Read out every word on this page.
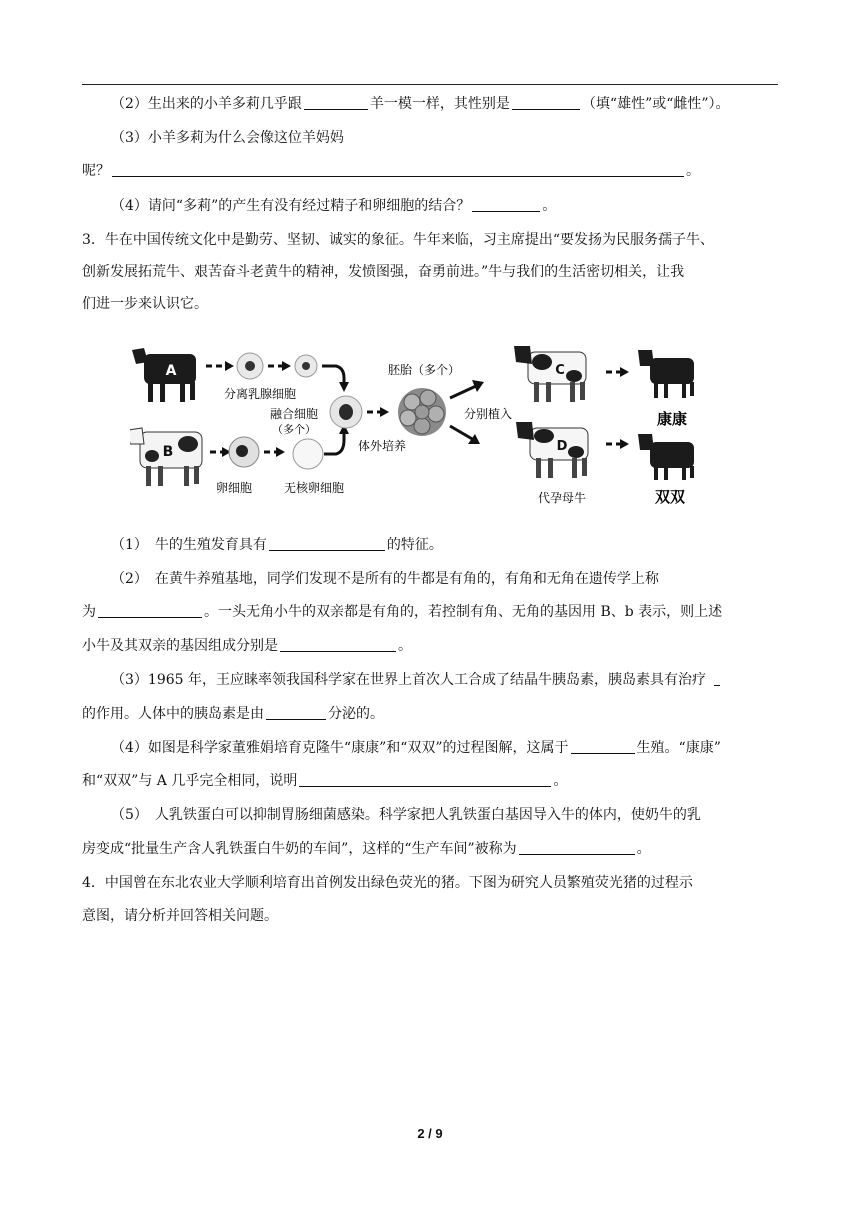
（2）生出来的小羊多莉几乎跟	羊一模一样，其性别是	（填“雄性”或“雌性”）。
（3）小羊多莉为什么会像这位羊妈妈
呢？	。
（4）请问“多莉”的产生有没有经过精子和卵细胞的结合？	。
3．牛在中国传统文化中是勤劳、坚韧、诚实的象征。牛年来临，习主席提出“要发扬为民服务孺子牛、
创新发展拓荒牛、艰苦奋斗老黄牛的精神，发愤图强，奋勇前进。”牛与我们的生活密切相关，让我
们进一步来认识它。
A
B
分离乳腺细胞
卵细胞	无核卵细胞
融合细胞
（多个）
体外培养
胚胎（多个）
分别植入
C
D
代孕母牛
康康
双双
（1）　牛的生殖发育具有	的特征。
（2）　在黄牛养殖基地，同学们发现不是所有的牛都是有角的，有角和无角在遗传学上称
为	。一头无角小牛的双亲都是有角的，若控制有角、无角的基因用 B、b 表示，则上述
小牛及其双亲的基因组成分别是	。
（3）1965 年，王应睐率领我国科学家在世界上首次人工合成了结晶牛胰岛素，胰岛素具有治疗
的作用。人体中的胰岛素是由	分泌的。
（4）如图是科学家董雅娟培育克隆牛“康康”和“双双”的过程图解，这属于	生殖。“康康”
和“双双”与 A 几乎完全相同，说明	。
（5）　人乳铁蛋白可以抑制胃肠细菌感染。科学家把人乳铁蛋白基因导入牛的体内，使奶牛的乳
房变成“批量生产含人乳铁蛋白牛奶的车间”，这样的“生产车间”被称为	。
4．中国曾在东北农业大学顺利培育出首例发出绿色荧光的猪。下图为研究人员繁殖荧光猪的过程示
意图，请分析并回答相关问题。
2 / 9
